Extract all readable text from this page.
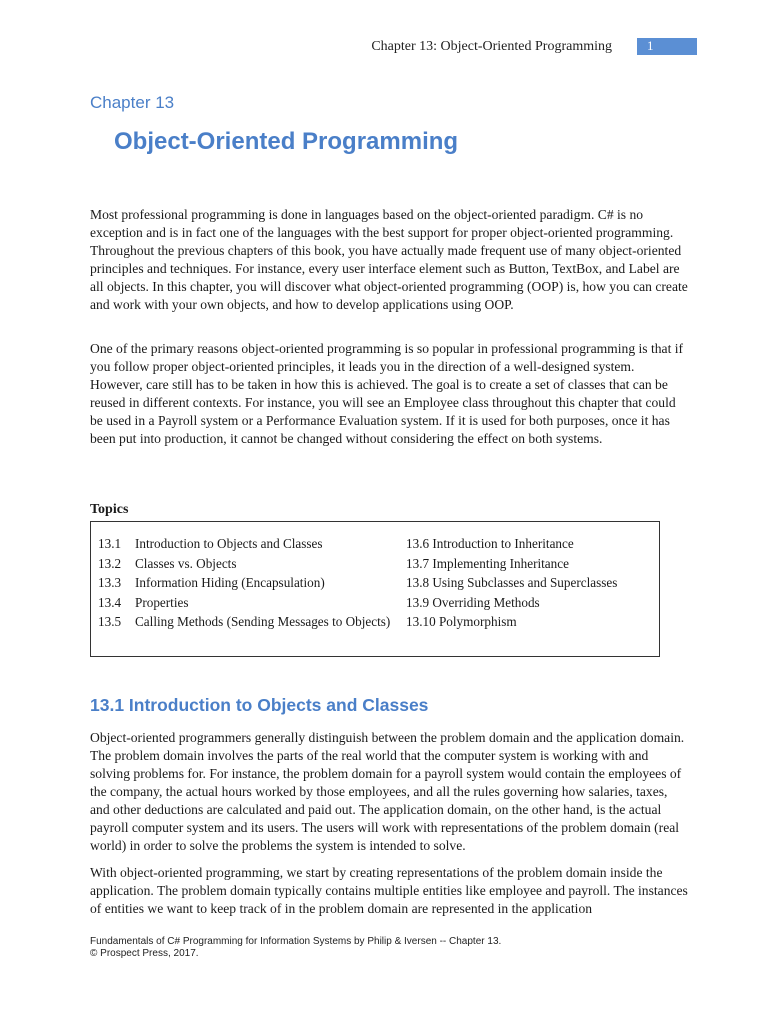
Chapter 13: Object-Oriented Programming	1
Chapter 13
Object-Oriented Programming

Most professional programming is done in languages based on the object-oriented paradigm. C# is no exception and is in fact one of the languages with the best support for proper object-oriented programming. Throughout the previous chapters of this book, you have actually made frequent use of many object-oriented principles and techniques. For instance, every user interface element such as Button, TextBox, and Label are all objects. In this chapter, you will discover what object-oriented programming (OOP) is, how you can create and work with your own objects, and how to develop applications using OOP.

One of the primary reasons object-oriented programming is so popular in professional programming is that if you follow proper object-oriented principles, it leads you in the direction of a well-designed system. However, care still has to be taken in how this is achieved. The goal is to create a set of classes that can be reused in different contexts. For instance, you will see an Employee class throughout this chapter that could be used in a Payroll system or a Performance Evaluation system. If it is used for both purposes, once it has been put into production, it cannot be changed without considering the effect on both systems.

Topics
13.1	Introduction to Objects and Classes
13.2	Classes vs. Objects
13.3	Information Hiding (Encapsulation)
13.4	Properties
13.5	Calling Methods (Sending Messages to Objects)
13.6 Introduction to Inheritance
13.7 Implementing Inheritance
13.8 Using Subclasses and Superclasses
13.9 Overriding Methods
13.10 Polymorphism
13.1 Introduction to Objects and Classes

Object-oriented programmers generally distinguish between the problem domain and the application domain. The problem domain involves the parts of the real world that the computer system is working with and solving problems for. For instance, the problem domain for a payroll system would contain the employees of the company, the actual hours worked by those employees, and all the rules governing how salaries, taxes, and other deductions are calculated and paid out. The application domain, on the other hand, is the actual payroll computer system and its users. The users will work with representations of the problem domain (real world) in order to solve the problems the system is intended to solve.

With object-oriented programming, we start by creating representations of the problem domain inside the application. The problem domain typically contains multiple entities like employee and payroll. The instances of entities we want to keep track of in the problem domain are represented in the application

Fundamentals of C# Programming for Information Systems by Philip & Iversen -- Chapter 13.
© Prospect Press, 2017.
